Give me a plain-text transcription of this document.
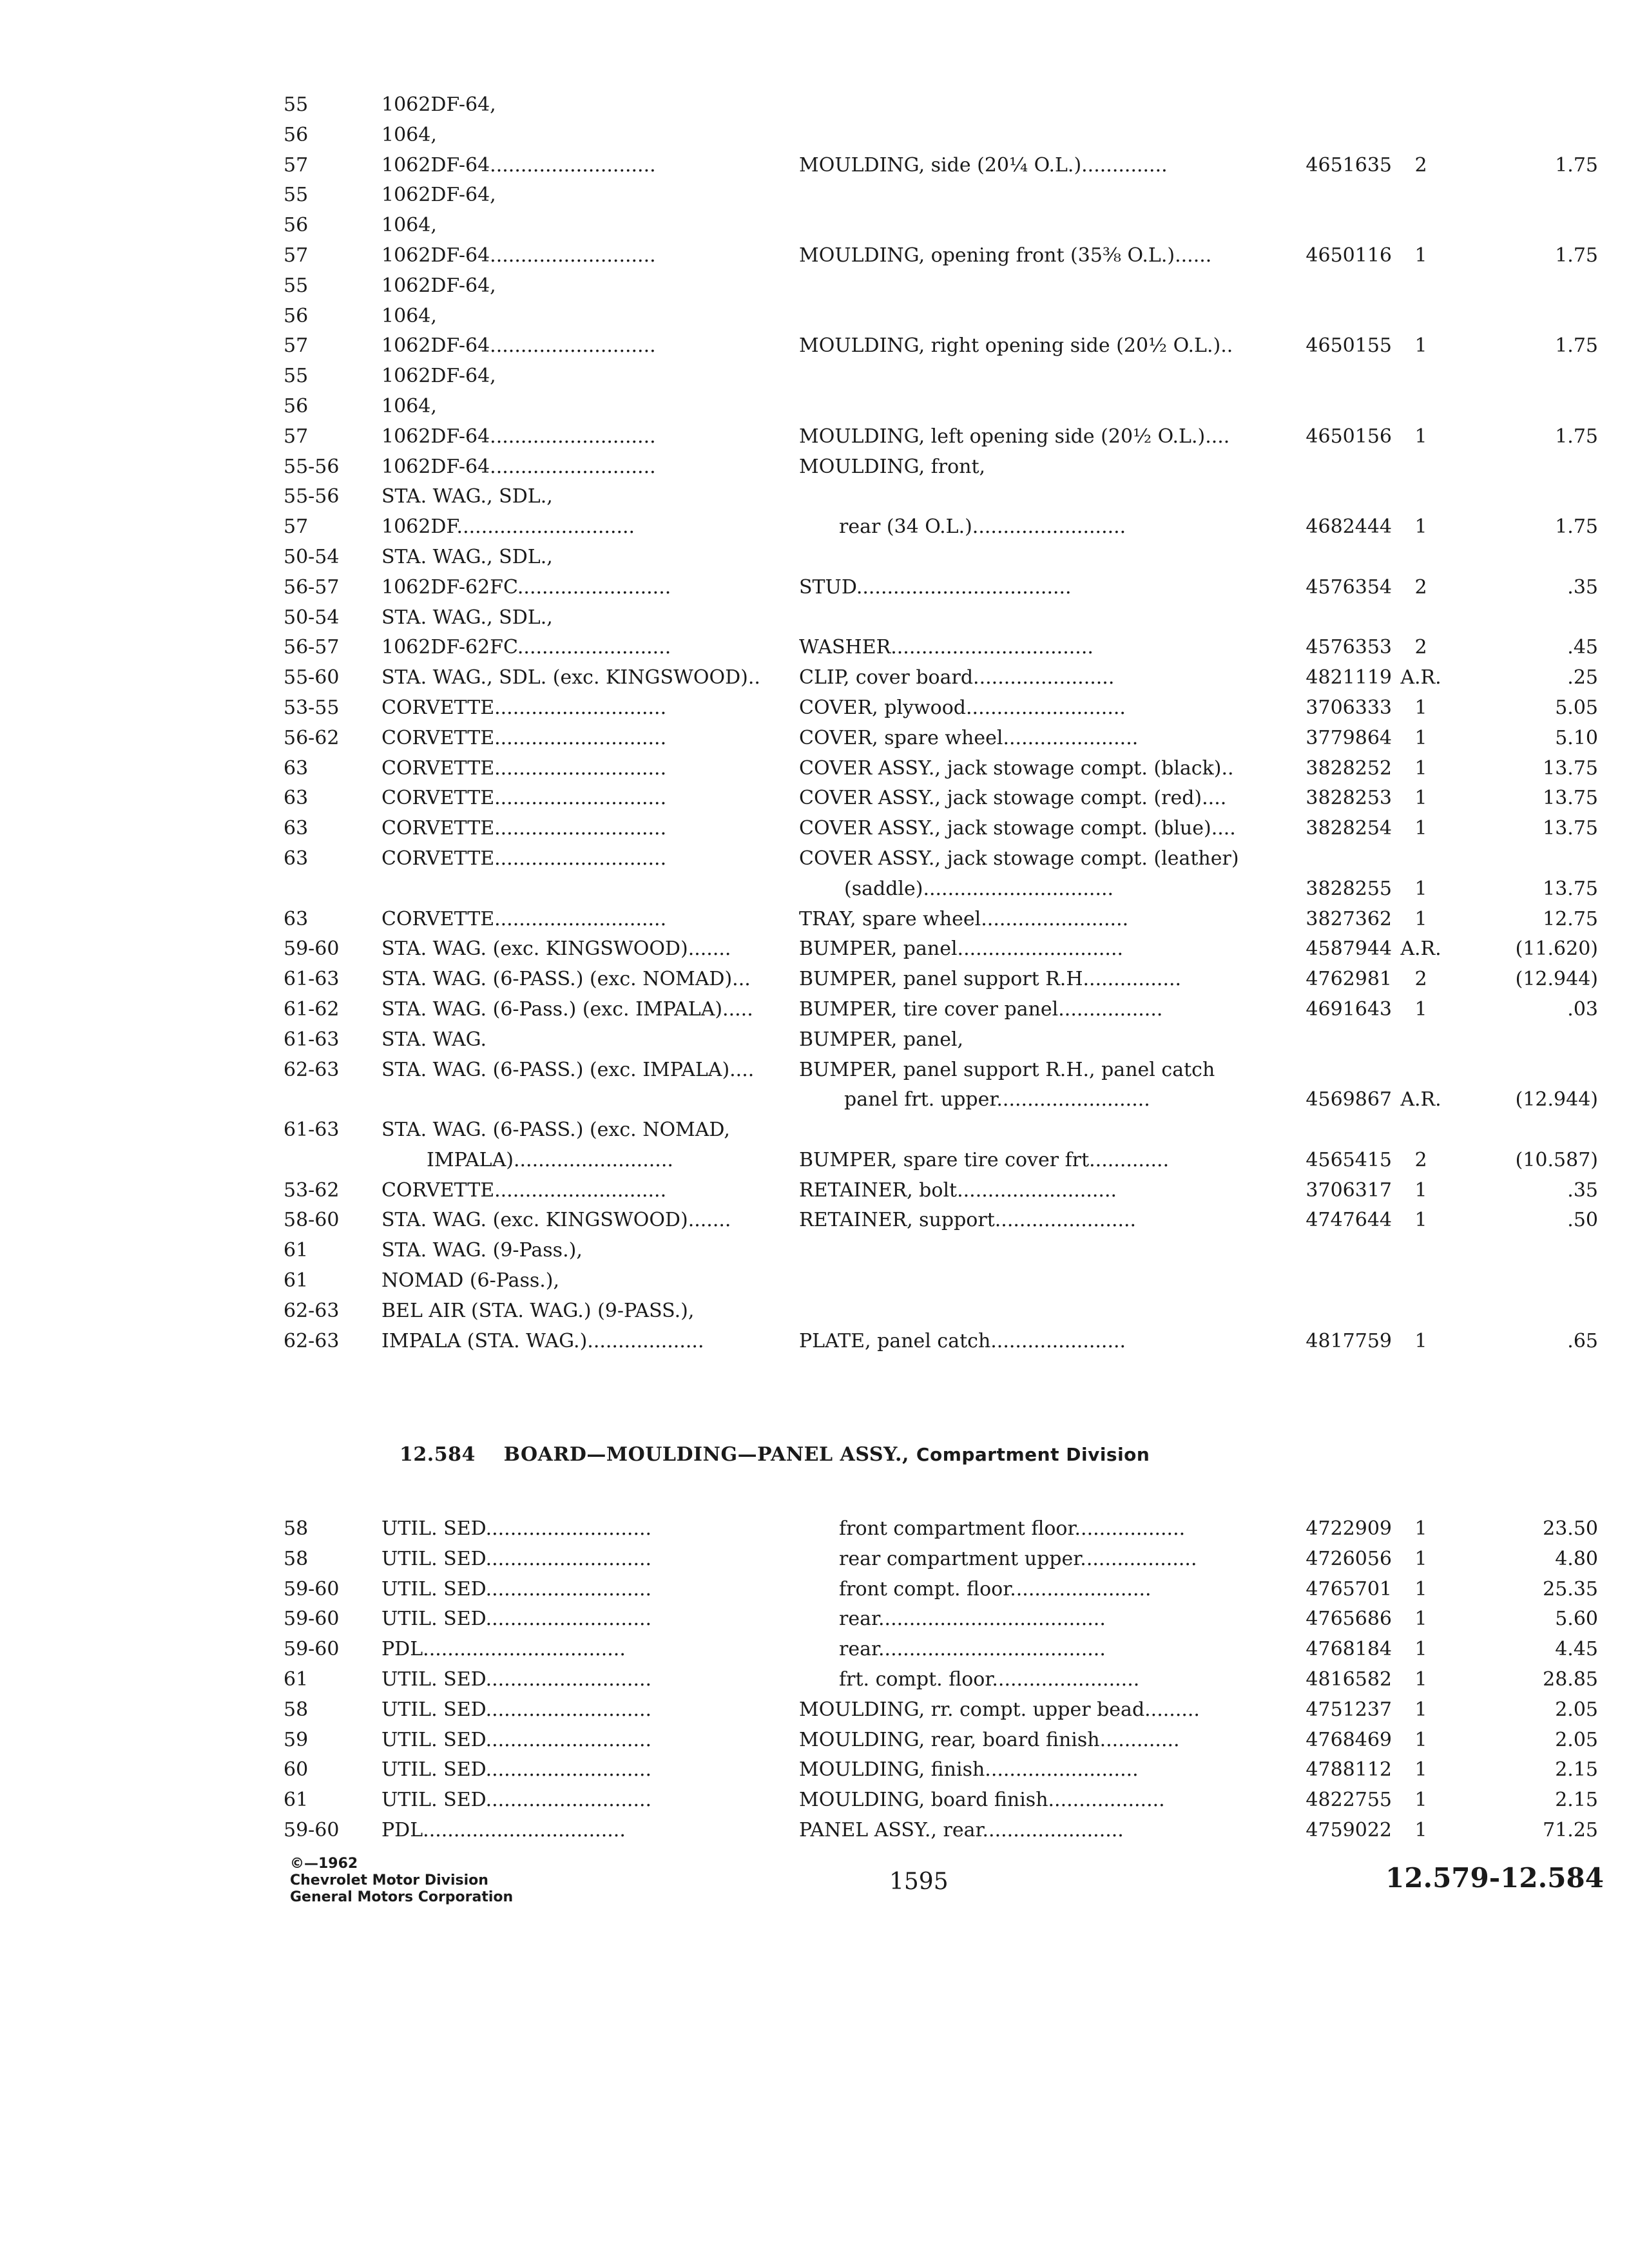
55	1062DF-64,
56	1064,
57	1062DF-64...........................	MOULDING, side (20¼ O.L.)..............	4651635	2	1.75
55	1062DF-64,
56	1064,
57	1062DF-64...........................	MOULDING, opening front (35⅜ O.L.)......	4650116	1	1.75
55	1062DF-64,
56	1064,
57	1062DF-64...........................	MOULDING, right opening side (20½ O.L.)..	4650155	1	1.75
55	1062DF-64,
56	1064,
57	1062DF-64...........................	MOULDING, left opening side (20½ O.L.)....	4650156	1	1.75
55-56	1062DF-64...........................	MOULDING, front,
55-56	STA. WAG., SDL.,
57	1062DF.............................	rear (34 O.L.).........................	4682444	1	1.75
50-54	STA. WAG., SDL.,
56-57	1062DF-62FC.........................	STUD...................................	4576354	2	.35
50-54	STA. WAG., SDL.,
56-57	1062DF-62FC.........................	WASHER.................................	4576353	2	.45
55-60	STA. WAG., SDL. (exc. KINGSWOOD)..	CLIP, cover board.......................	4821119 A.R.	.25
53-55	CORVETTE............................	COVER, plywood..........................	3706333	1	5.05
56-62	CORVETTE............................	COVER, spare wheel......................	3779864	1	5.10
63	CORVETTE............................	COVER ASSY., jack stowage compt. (black)..	3828252	1	13.75
63	CORVETTE............................	COVER ASSY., jack stowage compt. (red)....	3828253	1	13.75
63	CORVETTE............................	COVER ASSY., jack stowage compt. (blue)....	3828254	1	13.75
63	CORVETTE............................	COVER ASSY., jack stowage compt. (leather)
(saddle)...............................	3828255	1	13.75
63	CORVETTE............................	TRAY, spare wheel........................	3827362	1	12.75
59-60	STA. WAG. (exc. KINGSWOOD).......	BUMPER, panel...........................	4587944 A.R.	(11.620)
61-63	STA. WAG. (6-PASS.) (exc. NOMAD)...	BUMPER, panel support R.H................	4762981	2	(12.944)
61-62	STA. WAG. (6-Pass.) (exc. IMPALA).....	BUMPER, tire cover panel.................	4691643	1	.03
61-63	STA. WAG.	BUMPER, panel,
62-63	STA. WAG. (6-PASS.) (exc. IMPALA)....	BUMPER, panel support R.H., panel catch
panel frt. upper.........................	4569867 A.R.	(12.944)
61-63	STA. WAG. (6-PASS.) (exc. NOMAD,
IMPALA)..........................	BUMPER, spare tire cover frt.............	4565415	2	(10.587)
53-62	CORVETTE............................	RETAINER, bolt..........................	3706317	1	.35
58-60	STA. WAG. (exc. KINGSWOOD).......	RETAINER, support.......................	4747644	1	.50
61	STA. WAG. (9-Pass.),
61	NOMAD (6-Pass.),
62-63	BEL AIR (STA. WAG.) (9-PASS.),
62-63	IMPALA (STA. WAG.)...................	PLATE, panel catch......................	4817759	1	.65
12.584 BOARD—MOULDING—PANEL ASSY., Compartment Division
58	UTIL. SED...........................	front compartment floor..................	4722909	1	23.50
58	UTIL. SED...........................	rear compartment upper...................	4726056	1	4.80
59-60	UTIL. SED...........................	front compt. floor.......................	4765701	1	25.35
59-60	UTIL. SED...........................	rear.....................................	4765686	1	5.60
59-60	PDL.................................	rear.....................................	4768184	1	4.45
61	UTIL. SED...........................	frt. compt. floor........................	4816582	1	28.85
58	UTIL. SED...........................	MOULDING, rr. compt. upper bead.........	4751237	1	2.05
59	UTIL. SED...........................	MOULDING, rear, board finish.............	4768469	1	2.05
60	UTIL. SED...........................	MOULDING, finish.........................	4788112	1	2.15
61	UTIL. SED...........................	MOULDING, board finish...................	4822755	1	2.15
59-60	PDL.................................	PANEL ASSY., rear.......................	4759022	1	71.25
©—1962
Chevrolet Motor Division
General Motors Corporation
1595	12.579-12.584
